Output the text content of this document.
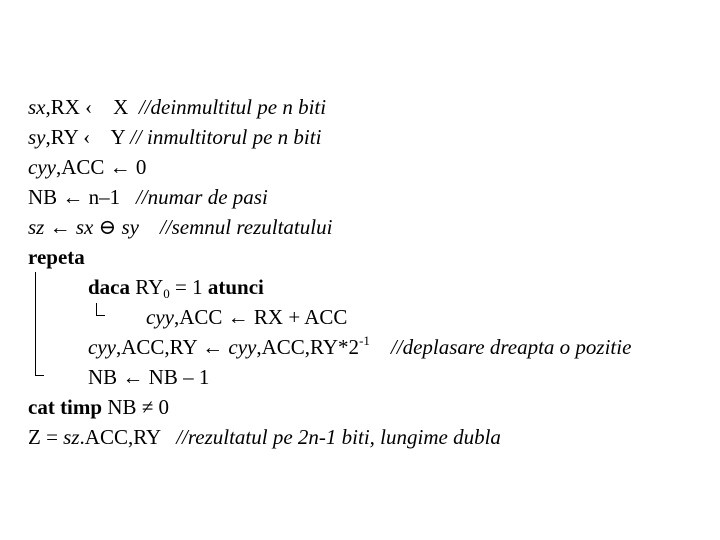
sx,RX ‹    X  //deinmultitul pe n biti
sy,RY ‹    Y // inmultitorul pe n biti
cyy,ACC ← 0
NB ← n–1   //numar de pasi
sz ← sx ⊖ sy //semnul rezultatului
repeta
daca $RY_0 = 1$ atunci
cyy,ACC ← RX + ACC
cyy,ACC,RY ← $cyy,ACC,RY*2^{-1}$ //deplasare dreapta o pozitie
NB ← NB – 1
cat timp NB ≠ 0
Z = sz.ACC,RY   //rezultatul pe 2n-1 biti, lungime dubla
